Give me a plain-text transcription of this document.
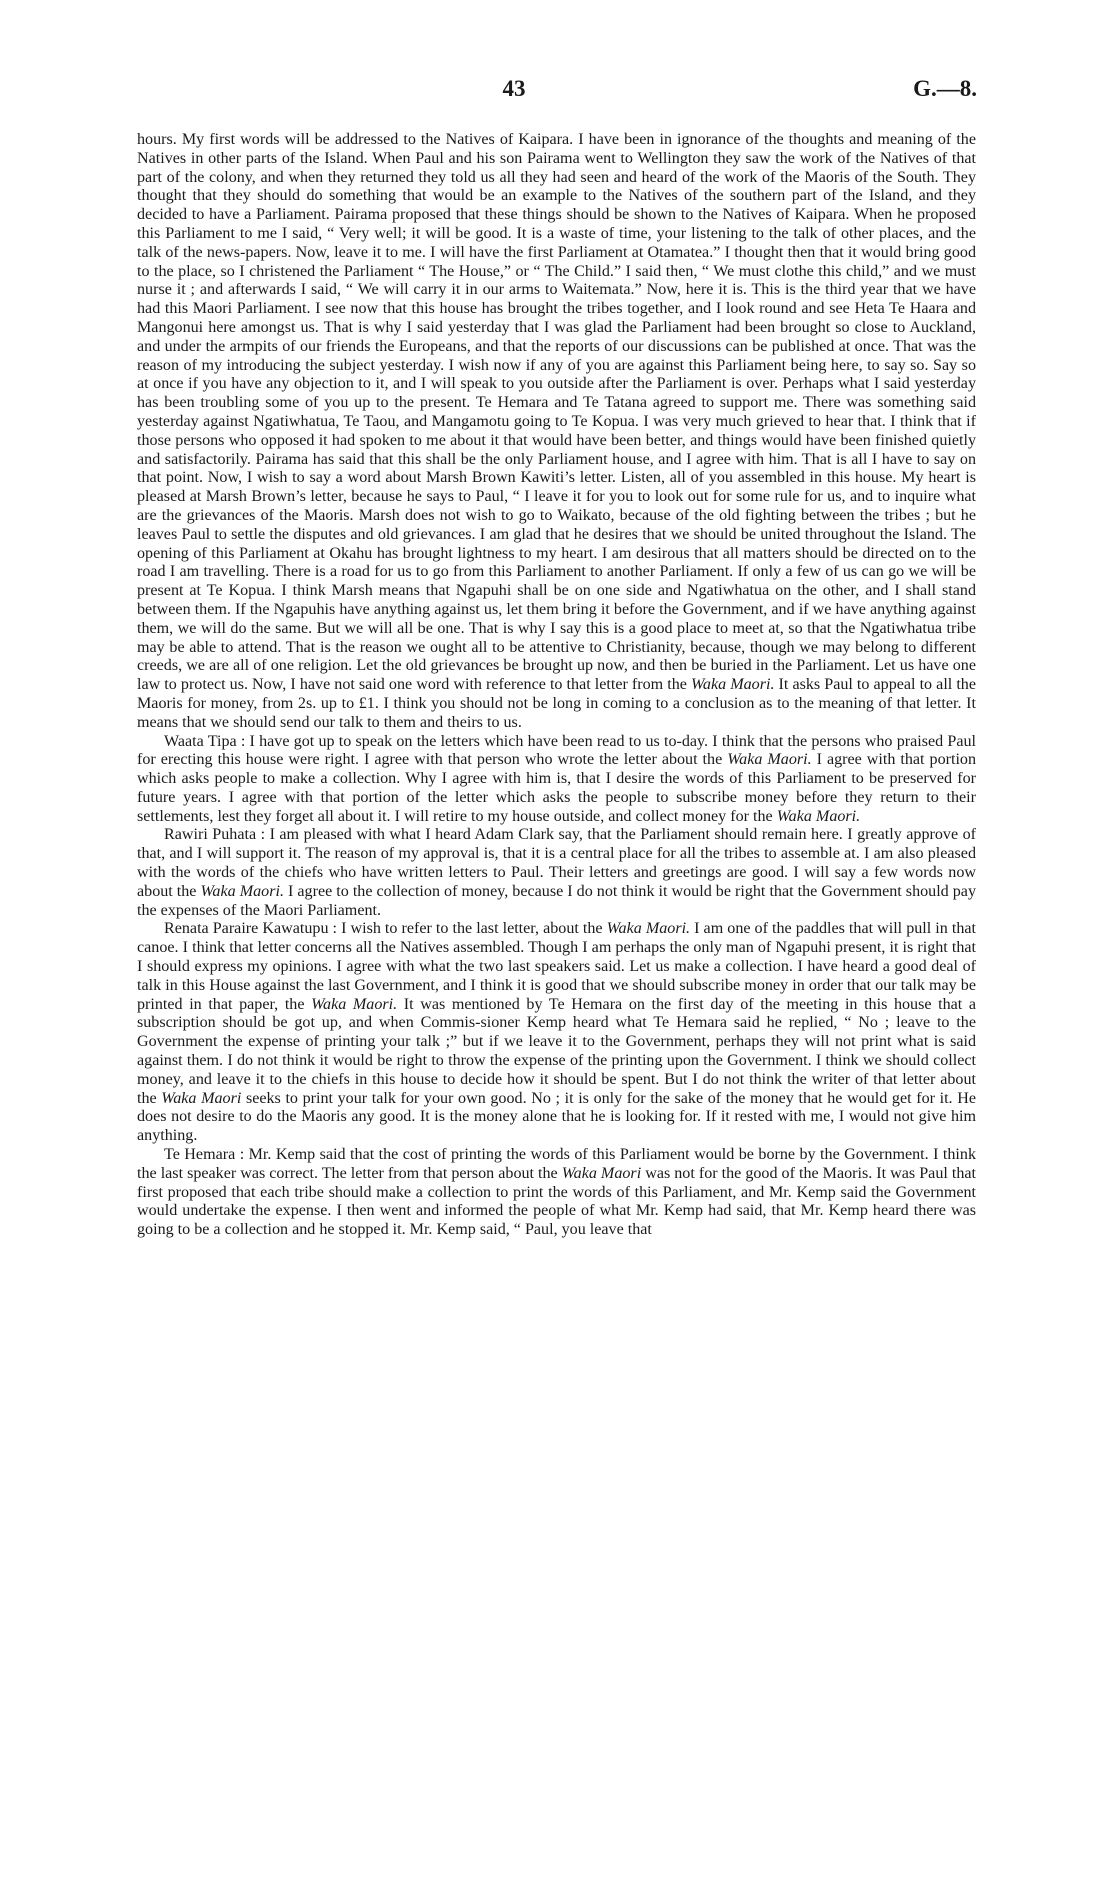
43	G.—8.

hours. My first words will be addressed to the Natives of Kaipara. I have been in ignorance of the thoughts and meaning of the Natives in other parts of the Island. When Paul and his son Pairama went to Wellington they saw the work of the Natives of that part of the colony, and when they returned they told us all they had seen and heard of the work of the Maoris of the South. They thought that they should do something that would be an example to the Natives of the southern part of the Island, and they decided to have a Parliament. Pairama proposed that these things should be shown to the Natives of Kaipara. When he proposed this Parliament to me I said, “ Very well; it will be good. It is a waste of time, your listening to the talk of other places, and the talk of the news-papers. Now, leave it to me. I will have the first Parliament at Otamatea.” I thought then that it would bring good to the place, so I christened the Parliament “ The House,” or “ The Child.” I said then, “ We must clothe this child,” and we must nurse it ; and afterwards I said, “ We will carry it in our arms to Waitemata.” Now, here it is. This is the third year that we have had this Maori Parliament. I see now that this house has brought the tribes together, and I look round and see Heta Te Haara and Mangonui here amongst us. That is why I said yesterday that I was glad the Parliament had been brought so close to Auckland, and under the armpits of our friends the Europeans, and that the reports of our discussions can be published at once. That was the reason of my introducing the subject yesterday. I wish now if any of you are against this Parliament being here, to say so. Say so at once if you have any objection to it, and I will speak to you outside after the Parliament is over. Perhaps what I said yesterday has been troubling some of you up to the present. Te Hemara and Te Tatana agreed to support me. There was something said yesterday against Ngatiwhatua, Te Taou, and Mangamotu going to Te Kopua. I was very much grieved to hear that. I think that if those persons who opposed it had spoken to me about it that would have been better, and things would have been finished quietly and satisfactorily. Pairama has said that this shall be the only Parliament house, and I agree with him. That is all I have to say on that point. Now, I wish to say a word about Marsh Brown Kawiti’s letter. Listen, all of you assembled in this house. My heart is pleased at Marsh Brown’s letter, because he says to Paul, “ I leave it for you to look out for some rule for us, and to inquire what are the grievances of the Maoris. Marsh does not wish to go to Waikato, because of the old fighting between the tribes ; but he leaves Paul to settle the disputes and old grievances. I am glad that he desires that we should be united throughout the Island. The opening of this Parliament at Okahu has brought lightness to my heart. I am desirous that all matters should be directed on to the road I am travelling. There is a road for us to go from this Parliament to another Parliament. If only a few of us can go we will be present at Te Kopua. I think Marsh means that Ngapuhi shall be on one side and Ngatiwhatua on the other, and I shall stand between them. If the Ngapuhis have anything against us, let them bring it before the Government, and if we have anything against them, we will do the same. But we will all be one. That is why I say this is a good place to meet at, so that the Ngatiwhatua tribe may be able to attend. That is the reason we ought all to be attentive to Christianity, because, though we may belong to different creeds, we are all of one religion. Let the old grievances be brought up now, and then be buried in the Parliament. Let us have one law to protect us. Now, I have not said one word with reference to that letter from the Waka Maori. It asks Paul to appeal to all the Maoris for money, from 2s. up to £1. I think you should not be long in coming to a conclusion as to the meaning of that letter. It means that we should send our talk to them and theirs to us.

Waata Tipa : I have got up to speak on the letters which have been read to us to-day. I think that the persons who praised Paul for erecting this house were right. I agree with that person who wrote the letter about the Waka Maori. I agree with that portion which asks people to make a collection. Why I agree with him is, that I desire the words of this Parliament to be preserved for future years. I agree with that portion of the letter which asks the people to subscribe money before they return to their settlements, lest they forget all about it. I will retire to my house outside, and collect money for the Waka Maori.

Rawiri Puhata : I am pleased with what I heard Adam Clark say, that the Parliament should remain here. I greatly approve of that, and I will support it. The reason of my approval is, that it is a central place for all the tribes to assemble at. I am also pleased with the words of the chiefs who have written letters to Paul. Their letters and greetings are good. I will say a few words now about the Waka Maori. I agree to the collection of money, because I do not think it would be right that the Government should pay the expenses of the Maori Parliament.

Renata Paraire Kawatupu : I wish to refer to the last letter, about the Waka Maori. I am one of the paddles that will pull in that canoe. I think that letter concerns all the Natives assembled. Though I am perhaps the only man of Ngapuhi present, it is right that I should express my opinions. I agree with what the two last speakers said. Let us make a collection. I have heard a good deal of talk in this House against the last Government, and I think it is good that we should subscribe money in order that our talk may be printed in that paper, the Waka Maori. It was mentioned by Te Hemara on the first day of the meeting in this house that a subscription should be got up, and when Commis-sioner Kemp heard what Te Hemara said he replied, “ No ; leave to the Government the expense of printing your talk ;” but if we leave it to the Government, perhaps they will not print what is said against them. I do not think it would be right to throw the expense of the printing upon the Government. I think we should collect money, and leave it to the chiefs in this house to decide how it should be spent. But I do not think the writer of that letter about the Waka Maori seeks to print your talk for your own good. No ; it is only for the sake of the money that he would get for it. He does not desire to do the Maoris any good. It is the money alone that he is looking for. If it rested with me, I would not give him anything.

Te Hemara : Mr. Kemp said that the cost of printing the words of this Parliament would be borne by the Government. I think the last speaker was correct. The letter from that person about the Waka Maori was not for the good of the Maoris. It was Paul that first proposed that each tribe should make a collection to print the words of this Parliament, and Mr. Kemp said the Government would undertake the expense. I then went and informed the people of what Mr. Kemp had said, that Mr. Kemp heard there was going to be a collection and he stopped it. Mr. Kemp said, “ Paul, you leave that
